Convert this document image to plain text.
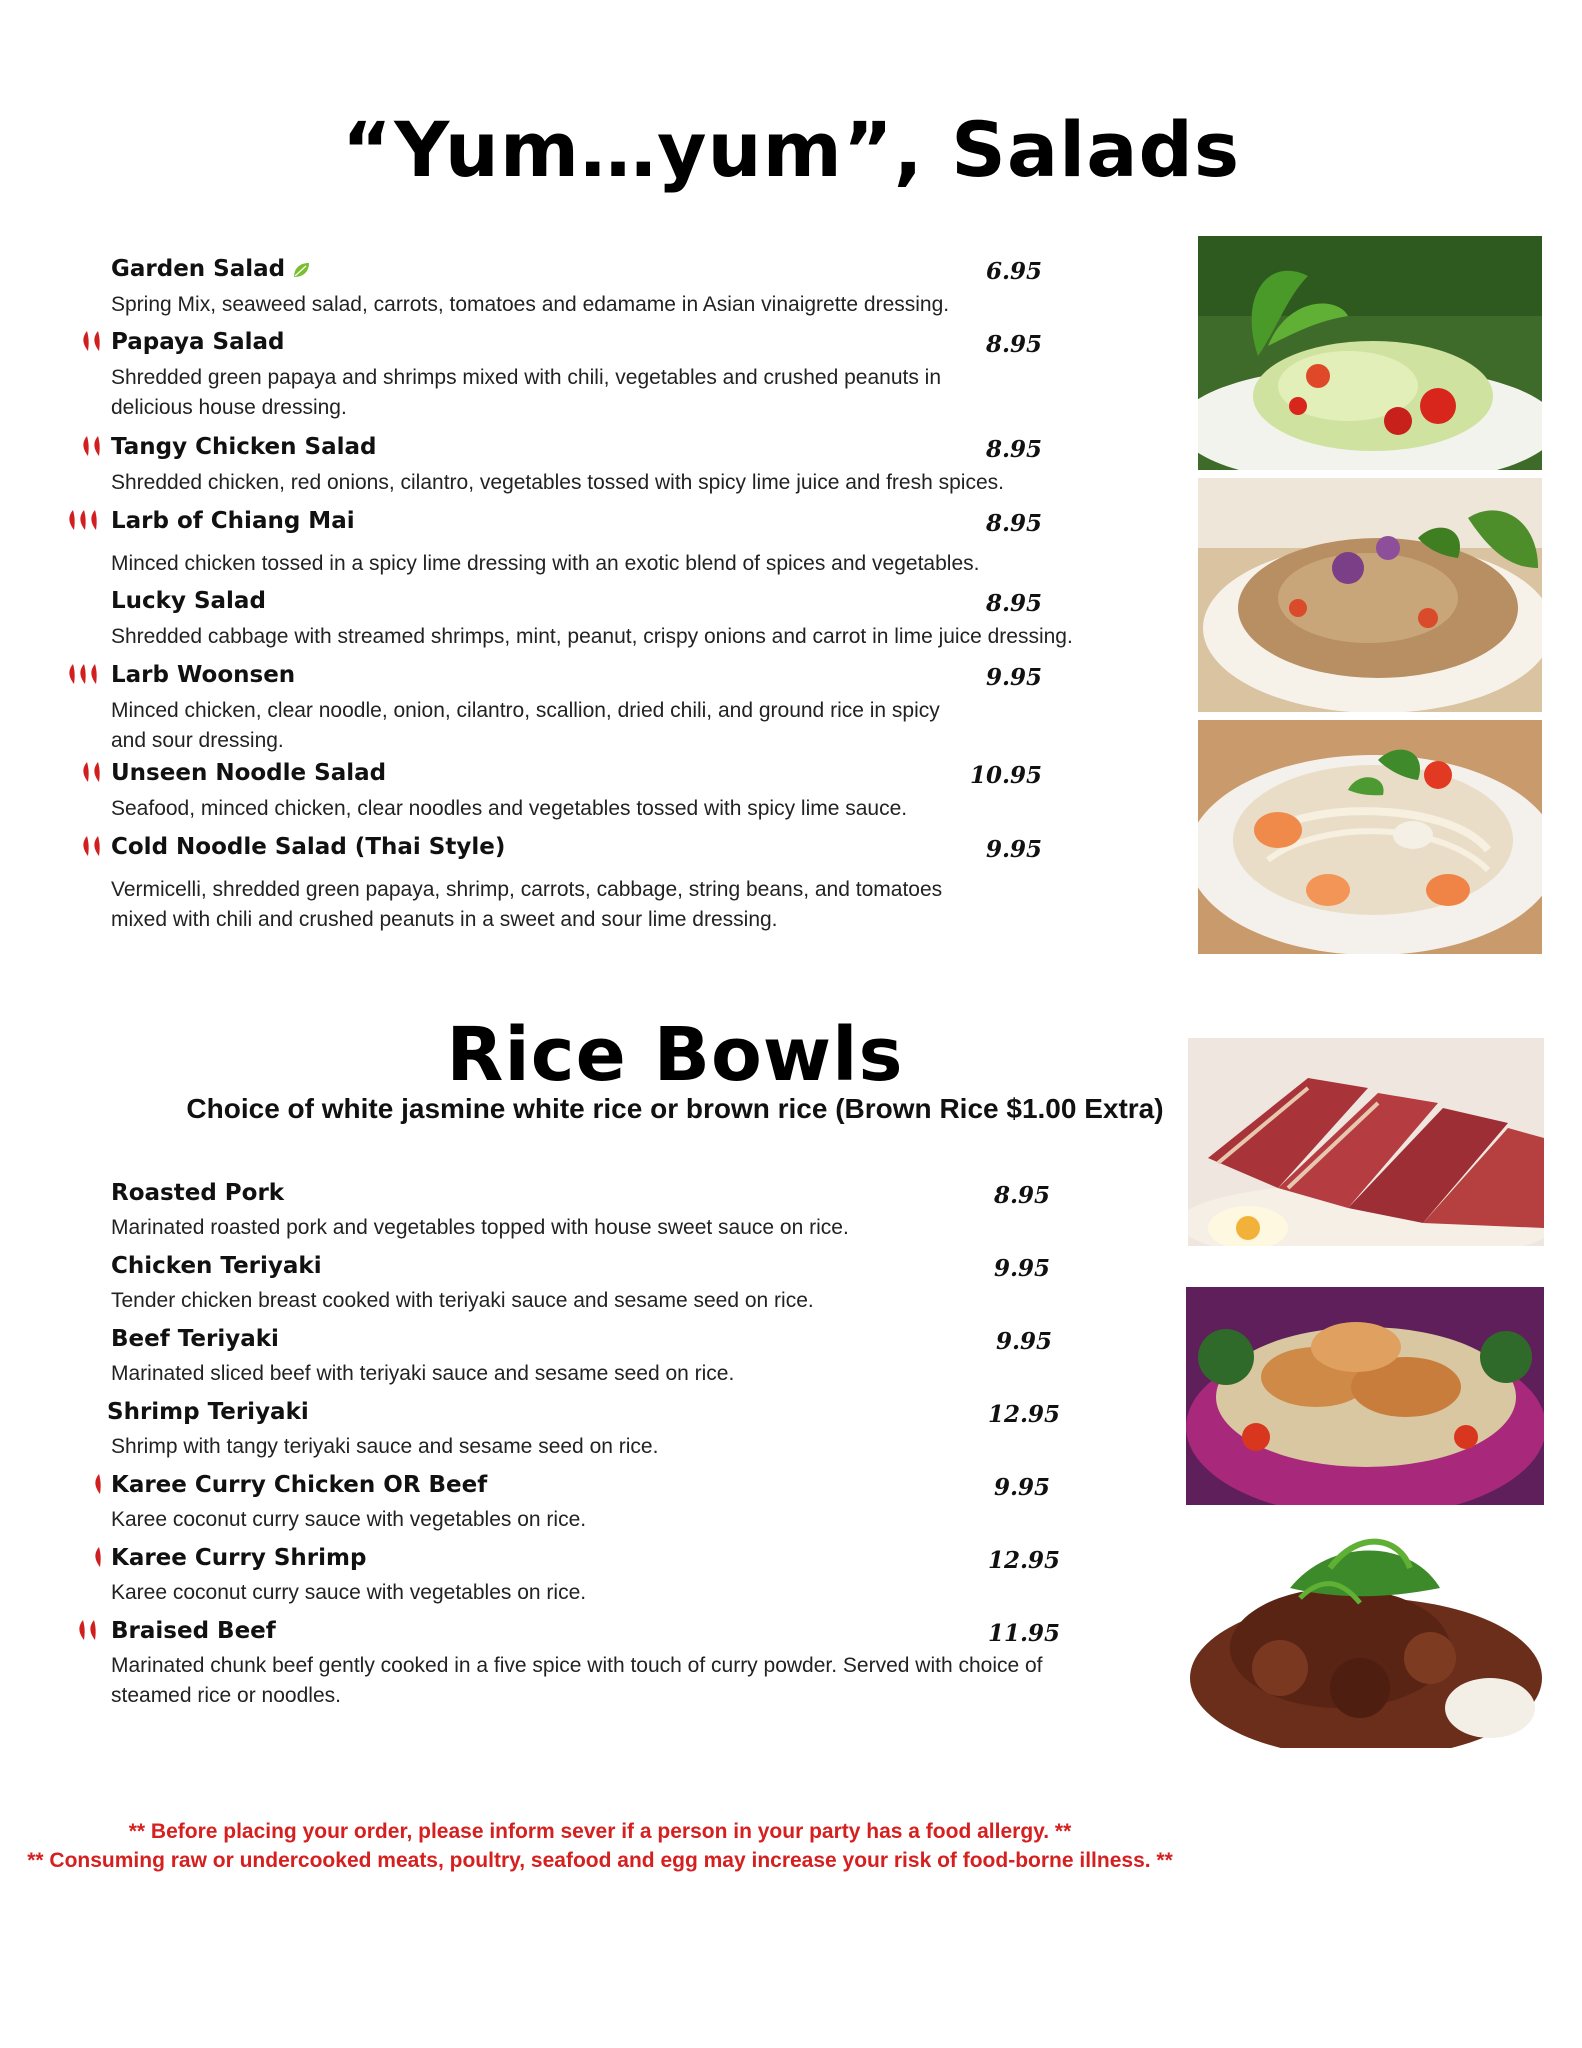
“Yum…yum”, Salads
Garden Salad	6.95
Spring Mix, seaweed salad, carrots, tomatoes and edamame in Asian vinaigrette dressing.
Papaya Salad	8.95
Shredded green papaya and shrimps mixed with chili, vegetables and crushed peanuts in delicious house dressing.
Tangy Chicken Salad	8.95
Shredded chicken, red onions, cilantro, vegetables tossed with spicy lime juice and fresh spices.
Larb of Chiang Mai	8.95
Minced chicken tossed in a spicy lime dressing with an exotic blend of spices and vegetables.
Lucky Salad	8.95
Shredded cabbage with streamed shrimps, mint, peanut, crispy onions and carrot in lime juice dressing.
Larb Woonsen	9.95
Minced chicken, clear noodle, onion, cilantro, scallion, dried chili, and ground rice in spicy and sour dressing.
Unseen Noodle Salad	10.95
Seafood, minced chicken, clear noodles and vegetables tossed with spicy lime sauce.
Cold Noodle Salad (Thai Style)	9.95
Vermicelli, shredded green papaya, shrimp, carrots, cabbage, string beans, and tomatoes mixed with chili and crushed peanuts in a sweet and sour lime dressing.
Rice Bowls
Choice of white jasmine white rice or brown rice (Brown Rice $1.00 Extra)
Roasted Pork	8.95
Marinated roasted pork and vegetables topped with house sweet sauce on rice.
Chicken Teriyaki	9.95
Tender chicken breast cooked with teriyaki sauce and sesame seed on rice.
Beef Teriyaki	9.95
Marinated sliced beef with teriyaki sauce and sesame seed on rice.
Shrimp Teriyaki	12.95
Shrimp with tangy teriyaki sauce and sesame seed on rice.
Karee Curry Chicken OR Beef	9.95
Karee coconut curry sauce with vegetables on rice.
Karee Curry Shrimp	12.95
Karee coconut curry sauce with vegetables on rice.
Braised Beef	11.95
Marinated chunk beef gently cooked in a five spice with touch of curry powder. Served with choice of steamed rice or noodles.
** Before placing your order, please inform sever if a person in your party has a food allergy. **
** Consuming raw or undercooked meats, poultry, seafood and egg may increase your risk of food-borne illness. **
